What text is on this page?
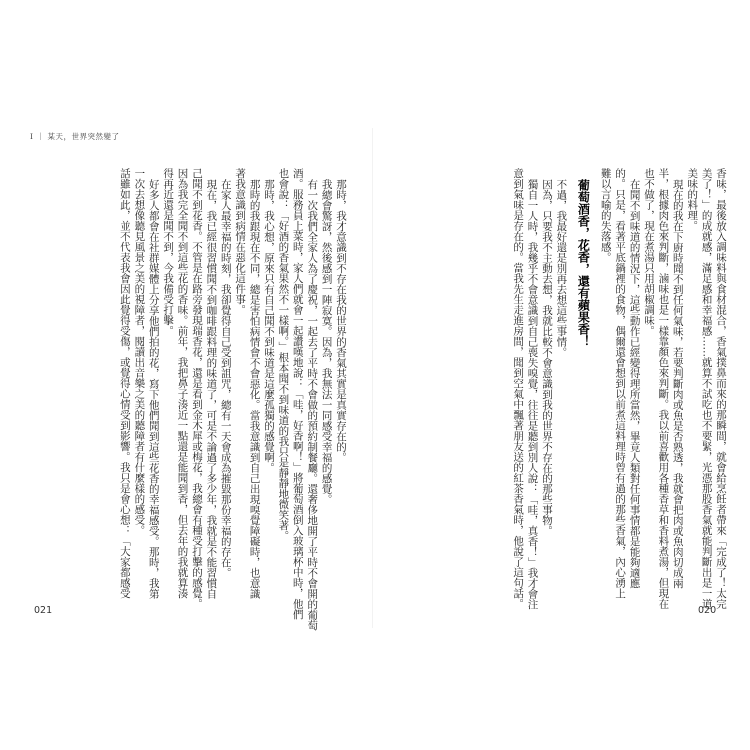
I ｜ 某天，世界突然變了
香味，最後放入調味料與食材混合，香氣撲鼻而來的那瞬間，就會給烹飪者帶來「完成了！太完
美了！」的成就感，滿足感和幸福感……就算不試吃也不要緊，光憑那股香氣就能判斷出是一道
美味的料理。
現在的我在下廚時聞不到任何氣味，若要判斷肉或魚是否熟透，我就會把肉或魚肉切成兩
半，根據肉色來判斷，滷味也是一樣靠顏色來判斷。我以前喜歡用各種香草和香料煮湯，但現在
也不做了，現在煮湯只用胡椒調味。
在聞不到味道的情況下，這些動作已經變得理所當然，畢竟人類對任何事情都是能夠適應
的。只是，看著平底鍋裡的食物，偶爾還會想到以前煮這料理時曾有過的那些香氣，內心湧上
難以言喻的失落感。
葡萄酒香，花香，還有蘋果香！
不過，我最好還是別再去想這些事情。
因為，只要我不主動去想，我就比較不會意識到我的世界不存在的那些事物。
獨自一人時，我幾乎不會意識到自己喪失嗅覺，往往是聽到別人說：「哇，真香！」我才會注
意到氣味是存在的。當我先生走進房間，聞到空氣中飄著朋友送的紅茶香氣時，他說了這句話。
那時，我才意識到不存在我的世界的香氣其實是真實存在的。
我總會驚訝，然後感到一陣寂寞。因為，我無法一同感受幸福的感覺。
有一次我們全家人為了慶祝，一起去了平時不會做的預約制餐廳。還奢侈地開了平時不會開的葡萄
酒。服務員上菜時，家人們就會一起讚嘆地說：「哇，好香啊！」將葡萄酒倒入玻璃杯中時，他們
也會說：「好酒的香氣果然不一樣啊。」根本聞不到味道的我只是靜靜地微笑著。
那時，我心想，原來只有自己聞不到味道是這麼孤獨的感覺啊。
那時的我跟現在不同，總是害怕病情會不會惡化。當我意識到自己出現嗅覺障礙時，也意識
著我意識到病情在惡化這件事。
在家人最幸福的時刻，我卻覺得自己受到詛咒，總有一天會成為摧毀那份幸福的存在。
現在，我已經很習慣聞不到咖啡跟料理的味道了，可是不論過了多少年，我就是不能習慣自
己聞不到花香。不管是在路旁發現瑞香花，還是看到金木犀或梅花，我總會有種受打擊的感覺。
因為我完全聞不到這些花的香味。前年，我把鼻子湊近一點還是能聞到香，但去年的我就算湊
得再近還是聞不到，今我備受打擊。
好多人都會在社群媒體上分享他們拍的花，寫下他們聞到這些花香的幸福感受。那時，我第
一次去想像聽見風景之美的視障者，閱讀出音樂之美的聽障者有什麼樣的感受。
話雖如此，並不代表我會因此覺得受傷，或覺得心情受到影響。我只是會心想：「大家都感受
021	020
